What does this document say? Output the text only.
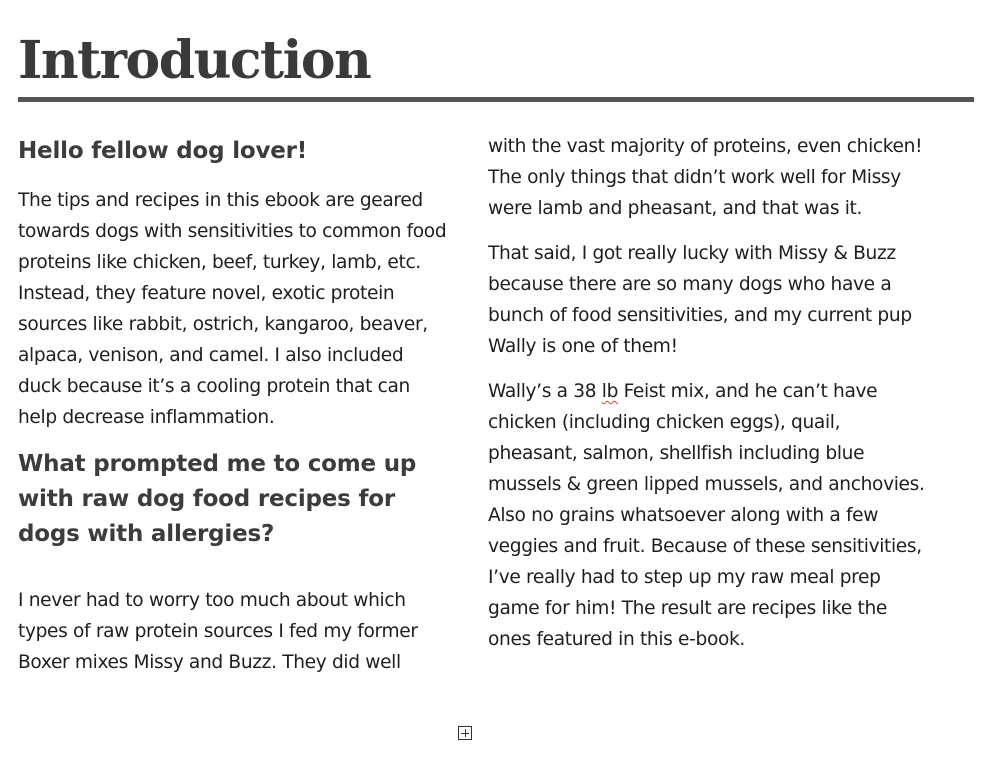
Introduction
Hello fellow dog lover!

The tips and recipes in this ebook are geared towards dogs with sensitivities to common food proteins like chicken, beef, turkey, lamb, etc. Instead, they feature novel, exotic protein sources like rabbit, ostrich, kangaroo, beaver, alpaca, venison, and camel. I also included duck because it’s a cooling protein that can help decrease inflammation.

What prompted me to come up with raw dog food recipes for dogs with allergies?

I never had to worry too much about which types of raw protein sources I fed my former Boxer mixes Missy and Buzz. They did well

with the vast majority of proteins, even chicken! The only things that didn’t work well for Missy were lamb and pheasant, and that was it.

That said, I got really lucky with Missy & Buzz because there are so many dogs who have a bunch of food sensitivities, and my current pup Wally is one of them!

Wally’s a 38 lb Feist mix, and he can’t have chicken (including chicken eggs), quail, pheasant, salmon, shellfish including blue mussels & green lipped mussels, and anchovies. Also no grains whatsoever along with a few veggies and fruit. Because of these sensitivities, I’ve really had to step up my raw meal prep game for him! The result are recipes like the ones featured in this e-book.
